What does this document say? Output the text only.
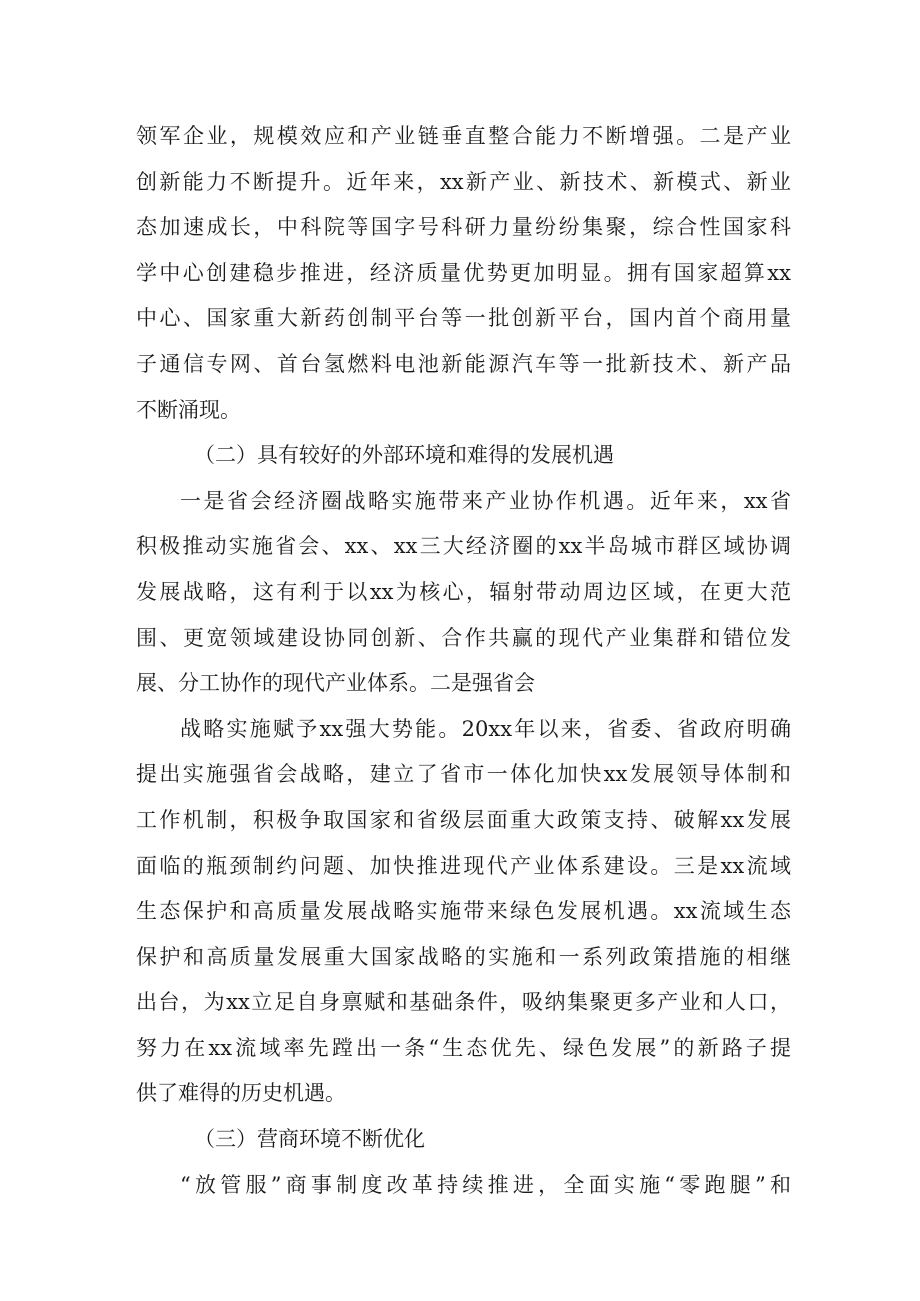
领军企业，规模效应和产业链垂直整合能力不断增强。二是产业
创新能力不断提升。近年来，xx新产业、新技术、新模式、新业
态加速成长，中科院等国字号科研力量纷纷集聚，综合性国家科
学中心创建稳步推进，经济质量优势更加明显。拥有国家超算xx
中心、国家重大新药创制平台等一批创新平台，国内首个商用量
子通信专网、首台氢燃料电池新能源汽车等一批新技术、新产品
不断涌现。
（二）具有较好的外部环境和难得的发展机遇
一是省会经济圈战略实施带来产业协作机遇。近年来，xx省
积极推动实施省会、xx、xx三大经济圈的xx半岛城市群区域协调
发展战略，这有利于以xx为核心，辐射带动周边区域，在更大范
围、更宽领域建设协同创新、合作共赢的现代产业集群和错位发
展、分工协作的现代产业体系。二是强省会
战略实施赋予xx强大势能。20xx年以来，省委、省政府明确
提出实施强省会战略，建立了省市一体化加快xx发展领导体制和
工作机制，积极争取国家和省级层面重大政策支持、破解xx发展
面临的瓶颈制约问题、加快推进现代产业体系建设。三是xx流域
生态保护和高质量发展战略实施带来绿色发展机遇。xx流域生态
保护和高质量发展重大国家战略的实施和一系列政策措施的相继
出台，为xx立足自身禀赋和基础条件，吸纳集聚更多产业和人口，
努力在xx流域率先蹚出一条“生态优先、绿色发展”的新路子提
供了难得的历史机遇。
（三）营商环境不断优化
“放管服”商事制度改革持续推进，全面实施“零跑腿”和
